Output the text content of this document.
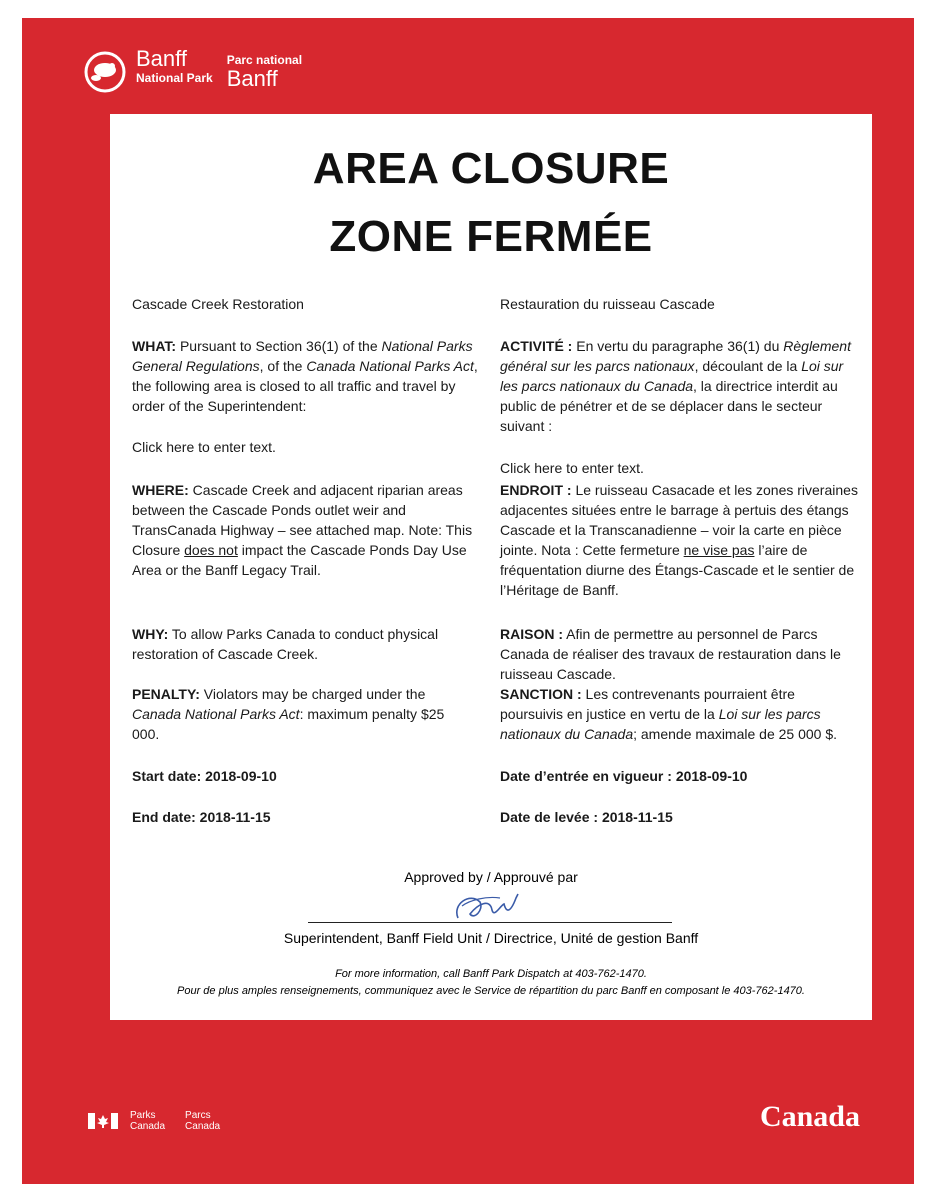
Banff
National Park
Parc national
Banff
AREA CLOSURE
ZONE FERMÉE
Cascade Creek Restoration
WHAT: Pursuant to Section 36(1) of the National Parks General Regulations, of the Canada National Parks Act, the following area is closed to all traffic and travel by order of the Superintendent:
Click here to enter text.
WHERE: Cascade Creek and adjacent riparian areas between the Cascade Ponds outlet weir and TransCanada Highway – see attached map. Note: This Closure does not impact the Cascade Ponds Day Use Area or the Banff Legacy Trail.
WHY: To allow Parks Canada to conduct physical restoration of Cascade Creek.
PENALTY: Violators may be charged under the Canada National Parks Act: maximum penalty $25 000.
Start date: 2018-09-10
End date: 2018-11-15
Restauration du ruisseau Cascade
ACTIVITÉ : En vertu du paragraphe 36(1) du Règlement général sur les parcs nationaux, découlant de la Loi sur les parcs nationaux du Canada, la directrice interdit au public de pénétrer et de se déplacer dans le secteur suivant :
Click here to enter text.
ENDROIT : Le ruisseau Casacade et les zones riveraines adjacentes situées entre le barrage à pertuis des étangs Cascade et la Transcanadienne – voir la carte en pièce jointe. Nota : Cette fermeture ne vise pas l’aire de fréquentation diurne des Étangs-Cascade et le sentier de l’Héritage de Banff.
RAISON : Afin de permettre au personnel de Parcs Canada de réaliser des travaux de restauration dans le ruisseau Cascade.
SANCTION : Les contrevenants pourraient être poursuivis en justice en vertu de la Loi sur les parcs nationaux du Canada; amende maximale de 25 000 $.
Date d’entrée en vigueur : 2018-09-10
Date de levée : 2018-11-15
Approved by / Approuvé par
Superintendent, Banff Field Unit / Directrice, Unité de gestion Banff
For more information, call Banff Park Dispatch at 403-762-1470.
Pour de plus amples renseignements, communiquez avec le Service de répartition du parc Banff en composant le 403-762-1470.
Parks
Canada
Parcs
Canada	Canada
